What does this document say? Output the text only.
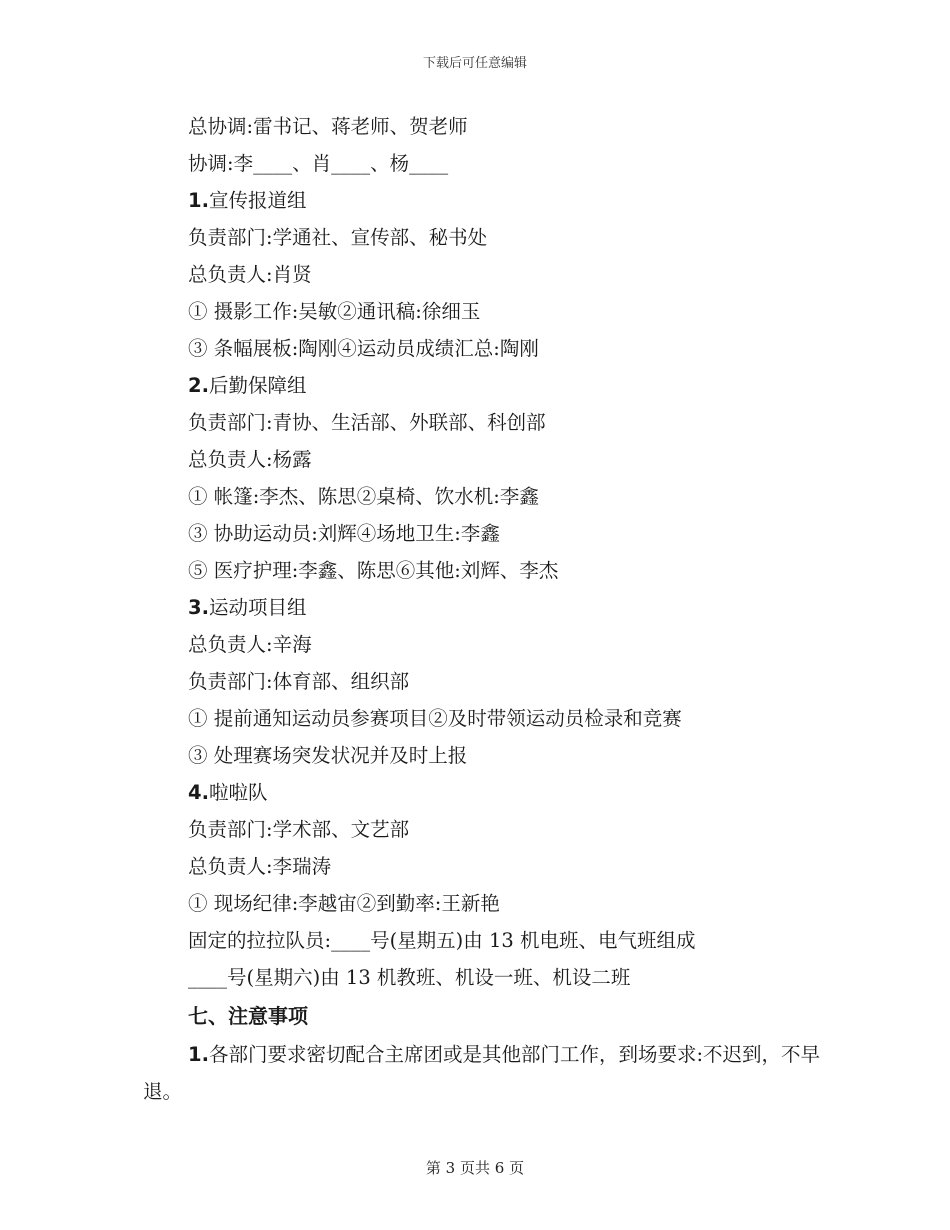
下载后可任意编辑
总协调:雷书记、蒋老师、贺老师
协调:李____、肖____、杨____
1.宣传报道组
负责部门:学通社、宣传部、秘书处
总负责人:肖贤
① 摄影工作:吴敏②通讯稿:徐细玉
③ 条幅展板:陶刚④运动员成绩汇总:陶刚
2.后勤保障组
负责部门:青协、生活部、外联部、科创部
总负责人:杨露
① 帐篷:李杰、陈思②桌椅、饮水机:李鑫
③ 协助运动员:刘辉④场地卫生:李鑫
⑤ 医疗护理:李鑫、陈思⑥其他:刘辉、李杰
3.运动项目组
总负责人:辛海
负责部门:体育部、组织部
① 提前通知运动员参赛项目②及时带领运动员检录和竞赛
③ 处理赛场突发状况并及时上报
4.啦啦队
负责部门:学术部、文艺部
总负责人:李瑞涛
① 现场纪律:李越宙②到勤率:王新艳
固定的拉拉队员:____号(星期五)由 13 机电班、电气班组成
____号(星期六)由 13 机教班、机设一班、机设二班
七、注意事项
1.各部门要求密切配合主席团或是其他部门工作，到场要求:不迟到，不早退。
第 3 页共 6 页
